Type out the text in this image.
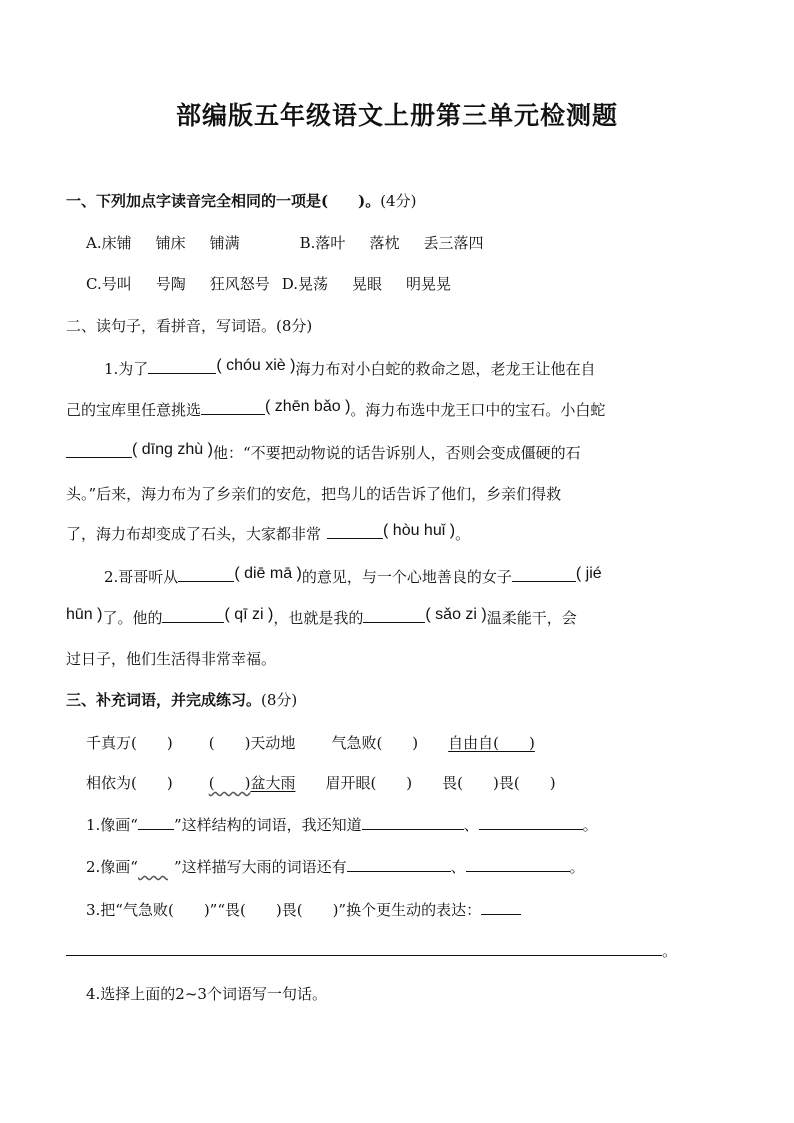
部编版五年级语文上册第三单元检测题
一、下列加点字读音完全相同的一项是(　　)。(4分)
A.床铺 铺床 铺满	B.落叶 落枕 丢三落四
C.号叫 号陶 狂风怒号 D.晃荡 晃眼 明晃晃
二、读句子，看拼音，写词语。(8分)
1.为了	( chóu xiè )海力布对小白蛇的救命之恩，老龙王让他在自
己的宝库里任意挑选	( zhēn bǎo )。海力布选中龙王口中的宝石。小白蛇
( dīng zhù )他：“不要把动物说的话告诉别人，否则会变成僵硬的石
头。”后来，海力布为了乡亲们的安危，把鸟儿的话告诉了他们，乡亲们得救
了，海力布却变成了石头，大家都非常	( hòu huǐ )。
2.哥哥听从	( diē mā )的意见，与一个心地善良的女子	( jié
hūn )了。他的	( qī zi )，也就是我的	( sǎo zi )温柔能干，会
过日子，他们生活得非常幸福。
三、补充词语，并完成练习。(8分)
千真万(　　) (　　)天动地 气急败(　　) 自由自(　　)
相依为(　　) (　　)盆大雨 眉开眼(　　) 畏(　　)畏(　　)
1.像画“ ”这样结构的词语，我还知道	、	。
2.像画“　　 ”这样描写大雨的词语还有	、	。
3.把“气急败(　　)”“畏(　　)畏(　　)”换个更生动的表达：
。
4.选择上面的2~3个词语写一句话。
